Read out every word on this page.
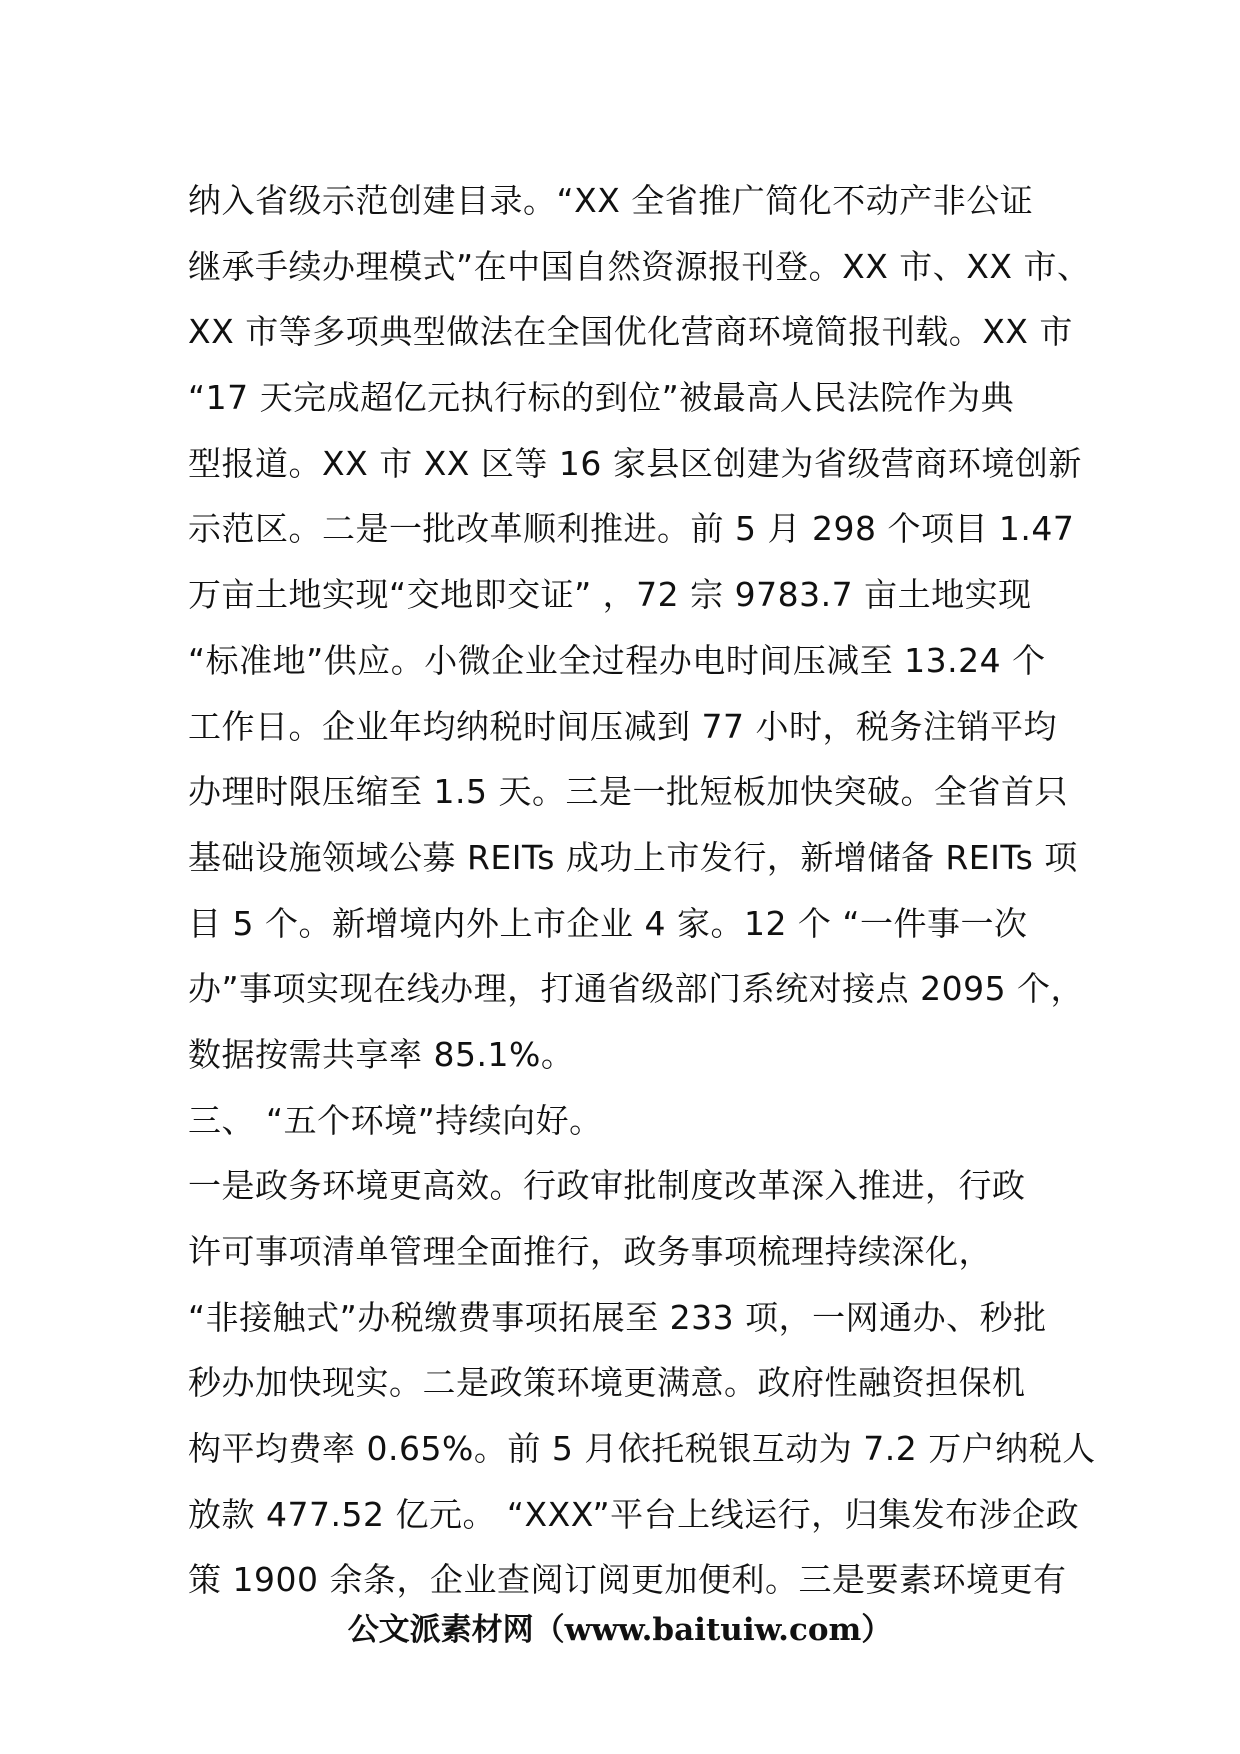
纳入省级示范创建目录。“XX 全省推广简化不动产非公证
继承手续办理模式”在中国自然资源报刊登。XX 市、XX 市、
XX 市等多项典型做法在全国优化营商环境简报刊载。XX 市
“17 天完成超亿元执行标的到位”被最高人民法院作为典
型报道。XX 市 XX 区等 16 家县区创建为省级营商环境创新
示范区。二是一批改革顺利推进。前 5 月 298 个项目 1.47
万亩土地实现“交地即交证” ，72 宗 9783.7 亩土地实现
“标准地”供应。小微企业全过程办电时间压减至 13.24 个
工作日。企业年均纳税时间压减到 77 小时，税务注销平均
办理时限压缩至 1.5 天。三是一批短板加快突破。全省首只
基础设施领域公募 REITs 成功上市发行，新增储备 REITs 项
目 5 个。新增境内外上市企业 4 家。12 个 “一件事一次
办”事项实现在线办理，打通省级部门系统对接点 2095 个，
数据按需共享率 85.1%。
三、 “五个环境”持续向好。
一是政务环境更高效。行政审批制度改革深入推进，行政
许可事项清单管理全面推行，政务事项梳理持续深化，
“非接触式”办税缴费事项拓展至 233 项，一网通办、秒批
秒办加快现实。二是政策环境更满意。政府性融资担保机
构平均费率 0.65%。前 5 月依托税银互动为 7.2 万户纳税人
放款 477.52 亿元。 “XXX”平台上线运行，归集发布涉企政
策 1900 余条，企业查阅订阅更加便利。三是要素环境更有
公文派素材网（www.baituiw.com）
